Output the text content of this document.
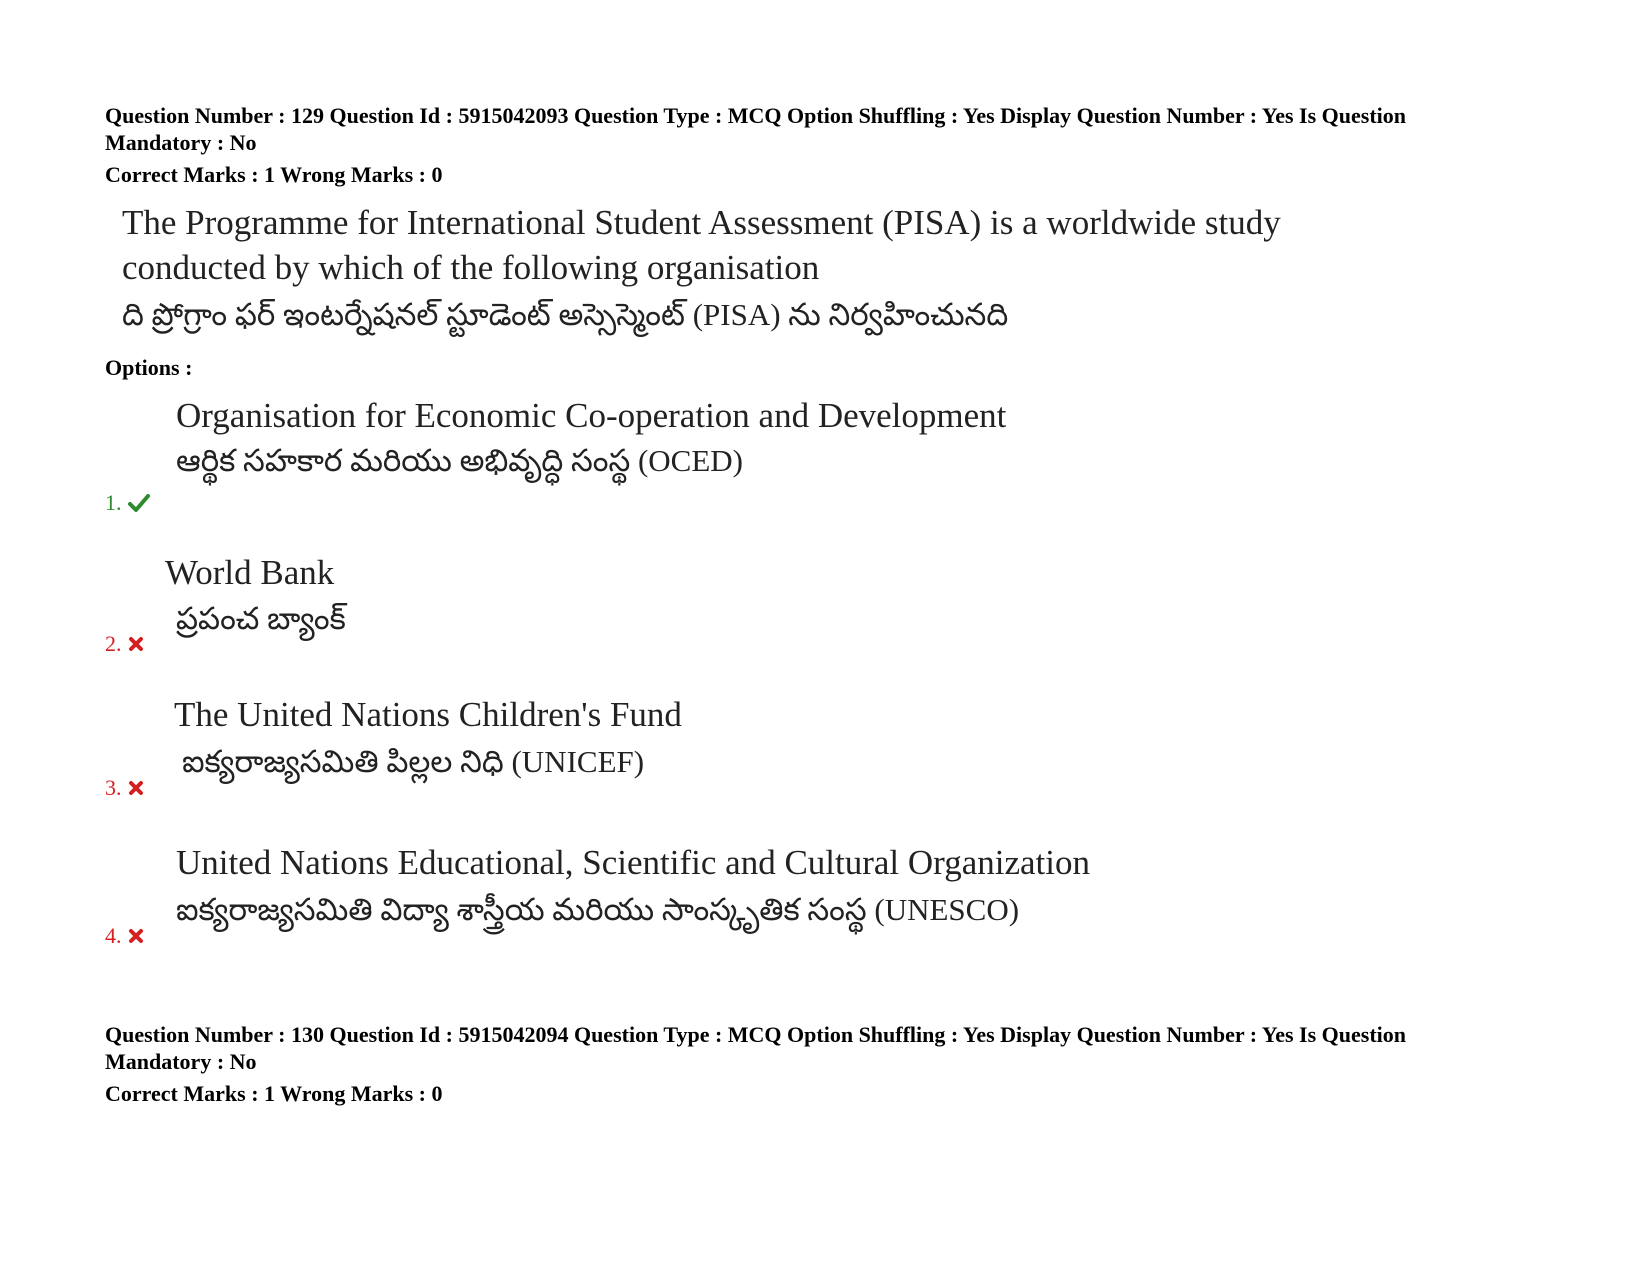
Question Number : 129 Question Id : 5915042093 Question Type : MCQ Option Shuffling : Yes Display Question Number : Yes Is Question
Mandatory : No
Correct Marks : 1 Wrong Marks : 0
The Programme for International Student Assessment (PISA) is a worldwide study
conducted by which of the following organisation
ది ప్రోగ్రాం ఫర్ ఇంటర్నేషనల్ స్టూడెంట్ అస్సెస్మెంట్ (PISA) ను నిర్వహించునది
Options :
Organisation for Economic Co-operation and Development
ఆర్థిక సహకార మరియు అభివృద్ధి సంస్థ (OCED)
1.
World Bank
ప్రపంచ బ్యాంక్
2.
The United Nations Children's Fund
ఐక్యరాజ్యసమితి పిల్లల నిధి (UNICEF)
3.
United Nations Educational, Scientific and Cultural Organization
ఐక్యరాజ్యసమితి విద్యా శాస్త్రీయ మరియు సాంస్కృతిక సంస్థ (UNESCO)
4.
Question Number : 130 Question Id : 5915042094 Question Type : MCQ Option Shuffling : Yes Display Question Number : Yes Is Question
Mandatory : No
Correct Marks : 1 Wrong Marks : 0
